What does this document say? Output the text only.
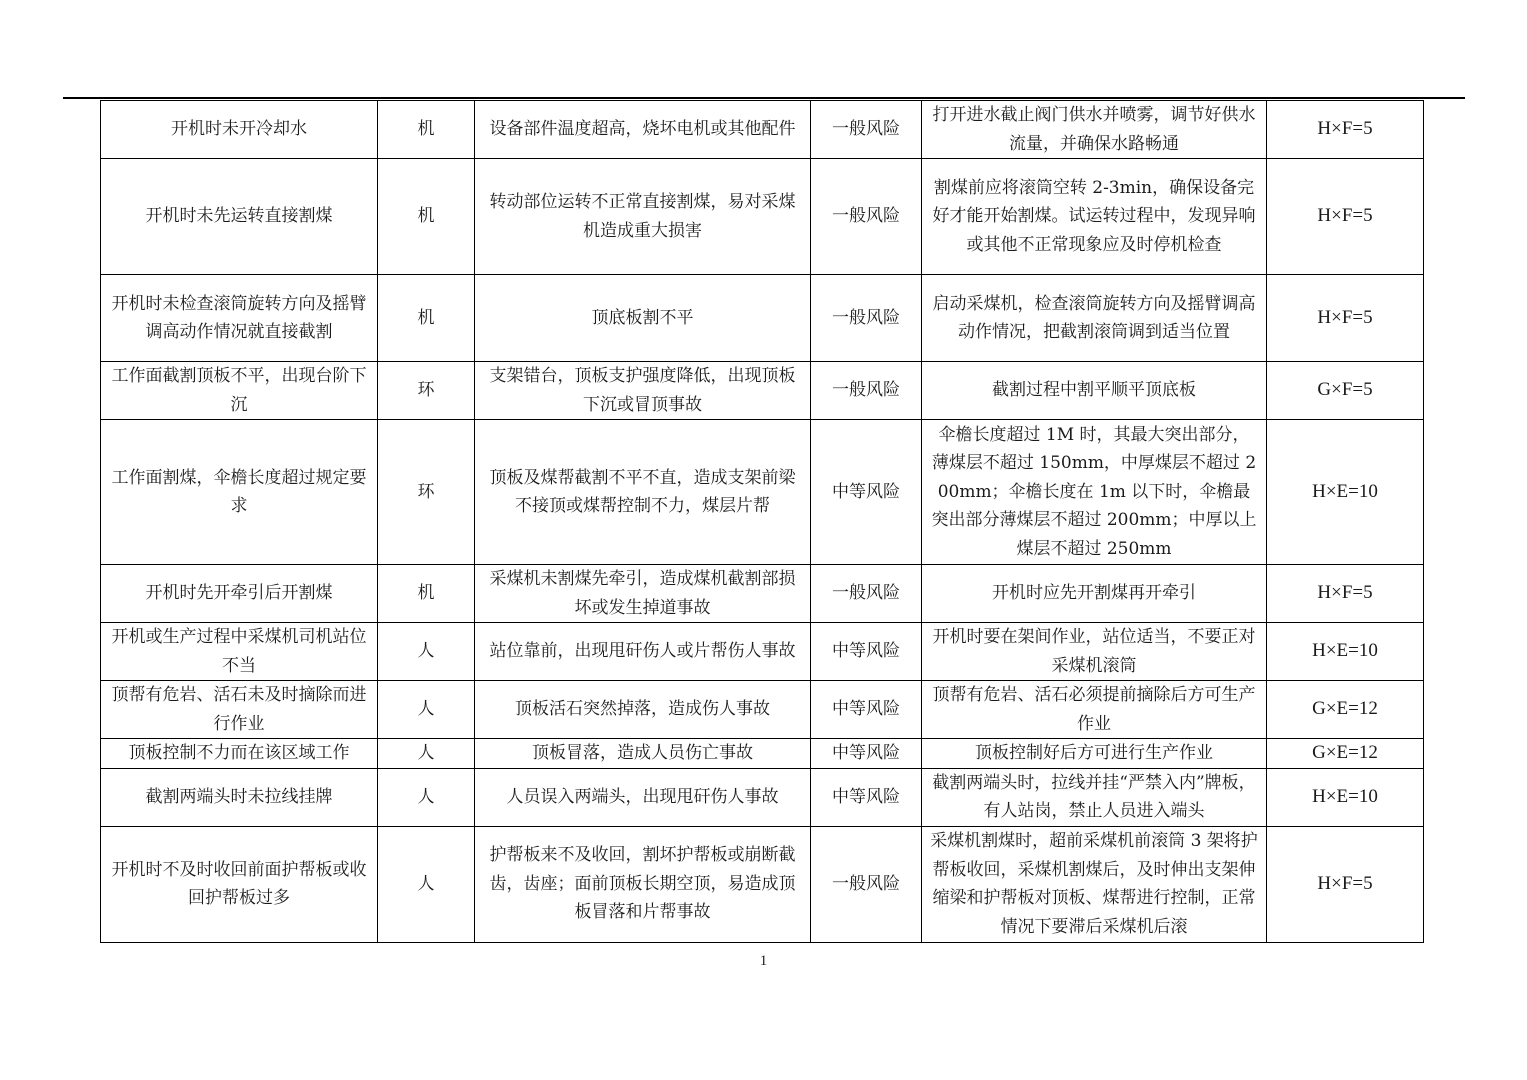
开机时未开冷却水	机	设备部件温度超高，烧坏电机或其他配件	一般风险	打开进水截止阀门供水并喷雾，调节好供水流量，并确保水路畅通	H×F=5
开机时未先运转直接割煤	机	转动部位运转不正常直接割煤，易对采煤机造成重大损害	一般风险	割煤前应将滚筒空转 2-3min，确保设备完好才能开始割煤。试运转过程中，发现异响或其他不正常现象应及时停机检查	H×F=5
开机时未检查滚筒旋转方向及摇臂调高动作情况就直接截割	机	顶底板割不平	一般风险	启动采煤机，检查滚筒旋转方向及摇臂调高动作情况，把截割滚筒调到适当位置	H×F=5
工作面截割顶板不平，出现台阶下沉	环	支架错台，顶板支护强度降低，出现顶板下沉或冒顶事故	一般风险	截割过程中割平顺平顶底板	G×F=5
工作面割煤，伞檐长度超过规定要求	环	顶板及煤帮截割不平不直，造成支架前梁不接顶或煤帮控制不力，煤层片帮	中等风险	伞檐长度超过 1M 时，其最大突出部分，薄煤层不超过 150mm，中厚煤层不超过 200mm；伞檐长度在 1m 以下时，伞檐最突出部分薄煤层不超过 200mm；中厚以上煤层不超过 250mm	H×E=10
开机时先开牵引后开割煤	机	采煤机未割煤先牵引，造成煤机截割部损坏或发生掉道事故	一般风险	开机时应先开割煤再开牵引	H×F=5
开机或生产过程中采煤机司机站位不当	人	站位靠前，出现甩矸伤人或片帮伤人事故	中等风险	开机时要在架间作业，站位适当，不要正对采煤机滚筒	H×E=10
顶帮有危岩、活石未及时摘除而进行作业	人	顶板活石突然掉落，造成伤人事故	中等风险	顶帮有危岩、活石必须提前摘除后方可生产作业	G×E=12
顶板控制不力而在该区域工作	人	顶板冒落，造成人员伤亡事故	中等风险	顶板控制好后方可进行生产作业	G×E=12
截割两端头时未拉线挂牌	人	人员误入两端头，出现甩矸伤人事故	中等风险	截割两端头时，拉线并挂“严禁入内”牌板，有人站岗，禁止人员进入端头	H×E=10
开机时不及时收回前面护帮板或收回护帮板过多	人	护帮板来不及收回，割坏护帮板或崩断截齿，齿座；面前顶板长期空顶，易造成顶板冒落和片帮事故	一般风险	采煤机割煤时，超前采煤机前滚筒 3 架将护帮板收回，采煤机割煤后，及时伸出支架伸缩梁和护帮板对顶板、煤帮进行控制，正常情况下要滞后采煤机后滚	H×F=5
1
